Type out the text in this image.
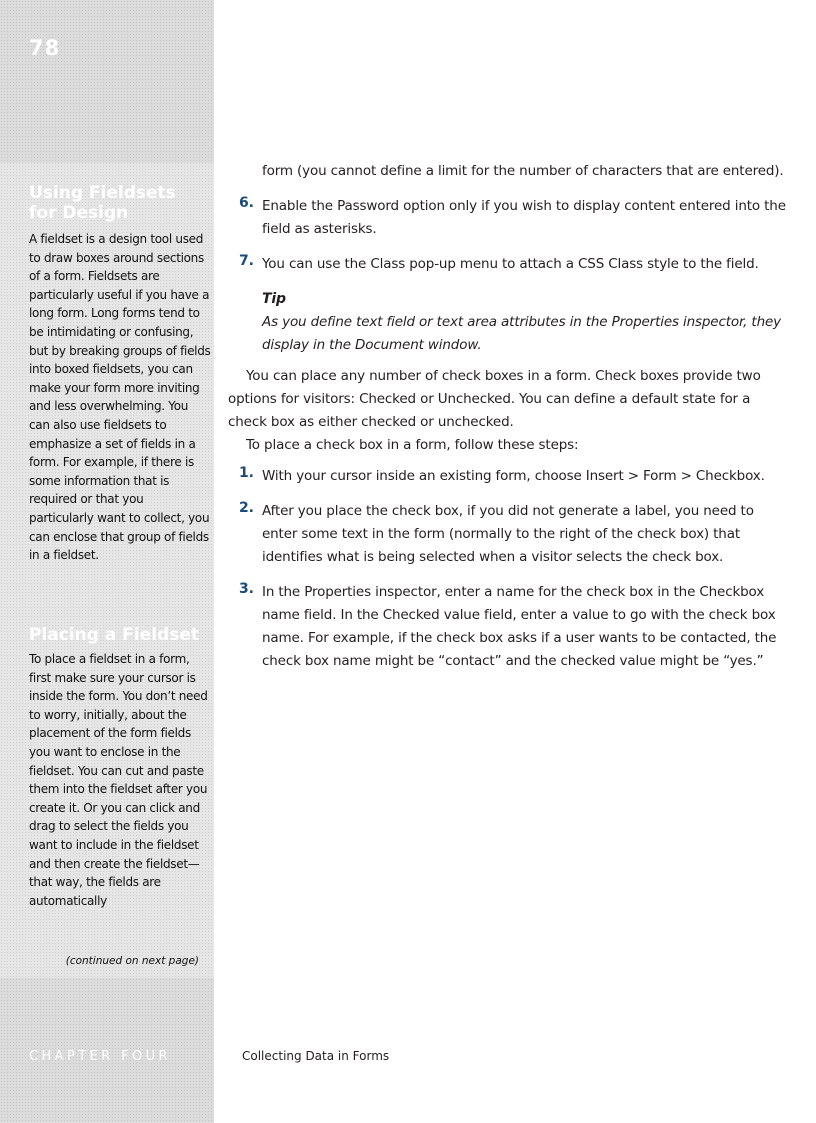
78
Using Fieldsets for Design
A fieldset is a design tool used to draw boxes around sections of a form. Fieldsets are particularly useful if you have a long form. Long forms tend to be intimidating or confusing, but by breaking groups of fields into boxed fieldsets, you can make your form more inviting and less overwhelming. You can also use fieldsets to emphasize a set of fields in a form. For example, if there is some information that is required or that you particularly want to collect, you can enclose that group of fields in a fieldset.
Placing a Fieldset
To place a fieldset in a form, first make sure your cursor is inside the form. You don’t need to worry, initially, about the placement of the form fields you want to enclose in the fieldset. You can cut and paste them into the fieldset after you create it. Or you can click and drag to select the fields you want to include in the fieldset and then create the fieldset—that way, the fields are automatically
(continued on next page)
CHAPTER FOUR

form (you cannot define a limit for the number of characters that are entered).

6. Enable the Password option only if you wish to display content entered into the field as asterisks.

7. You can use the Class pop-up menu to attach a CSS Class style to the field.

Tip

As you define text field or text area attributes in the Properties inspector, they display in the Document window.

You can place any number of check boxes in a form. Check boxes provide two options for visitors: Checked or Unchecked. You can define a default state for a check box as either checked or unchecked.

To place a check box in a form, follow these steps:

1. With your cursor inside an existing form, choose Insert > Form > Checkbox.

2. After you place the check box, if you did not generate a label, you need to enter some text in the form (normally to the right of the check box) that identifies what is being selected when a visitor selects the check box.

3. In the Properties inspector, enter a name for the check box in the Checkbox name field. In the Checked value field, enter a value to go with the check box name. For example, if the check box asks if a user wants to be contacted, the check box name might be “contact” and the checked value might be “yes.”

Collecting Data in Forms
